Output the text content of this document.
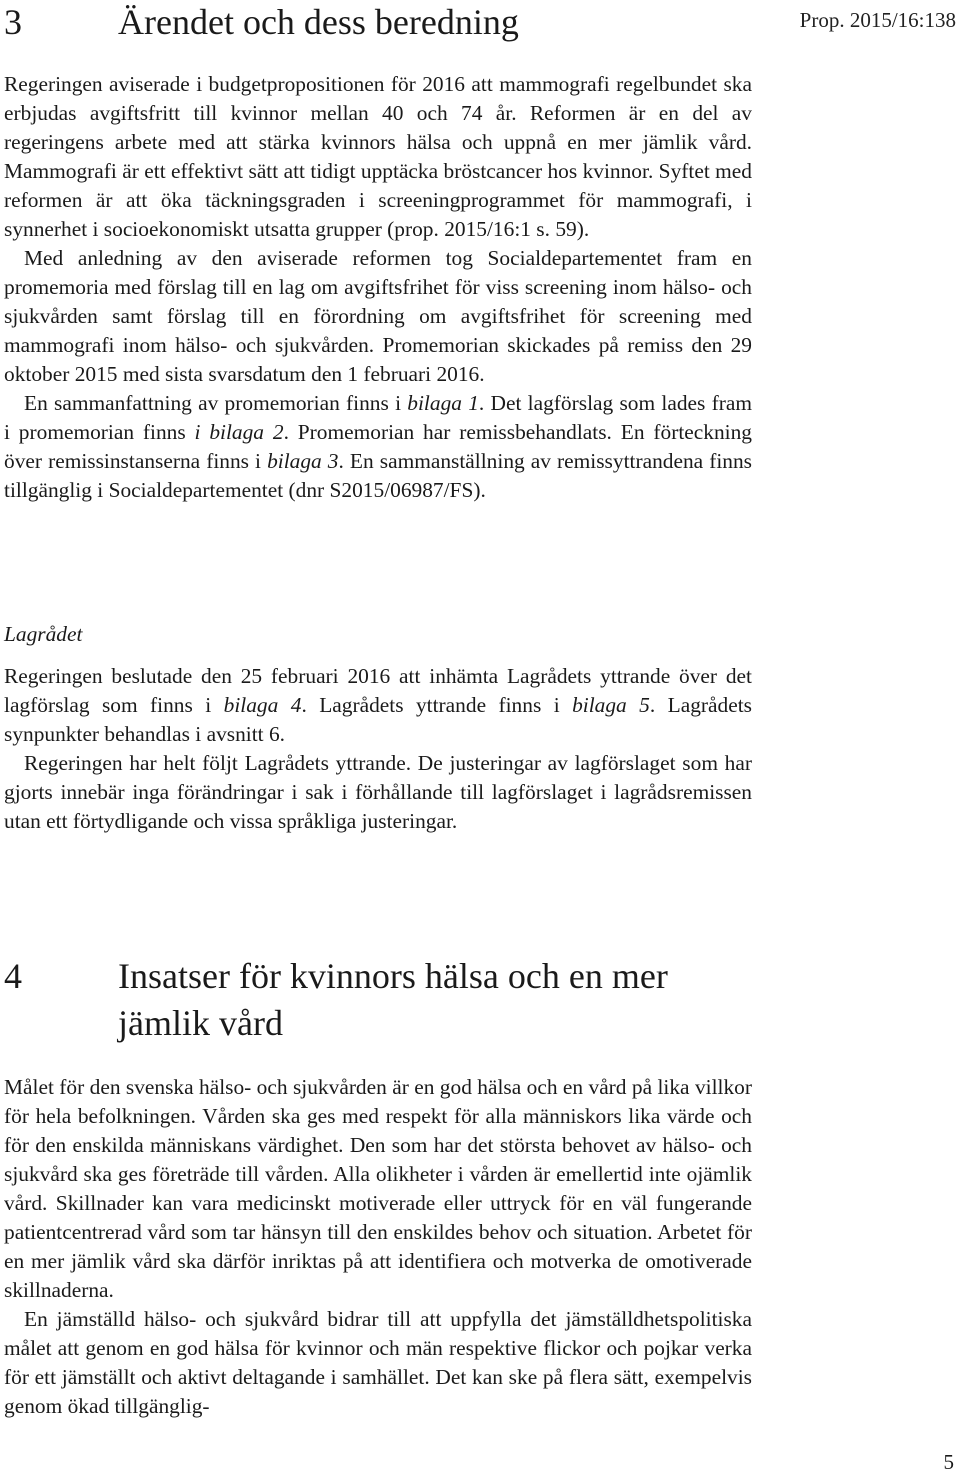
Prop. 2015/16:138
3	Ärendet och dess beredning

Regeringen aviserade i budgetpropositionen för 2016 att mammografi regelbundet ska erbjudas avgiftsfritt till kvinnor mellan 40 och 74 år. Reformen är en del av regeringens arbete med att stärka kvinnors hälsa och uppnå en mer jämlik vård. Mammografi är ett effektivt sätt att tidigt upptäcka bröstcancer hos kvinnor. Syftet med reformen är att öka täckningsgraden i screeningprogrammet för mammografi, i synnerhet i socioekonomiskt utsatta grupper (prop. 2015/16:1 s. 59).

Med anledning av den aviserade reformen tog Socialdepartementet fram en promemoria med förslag till en lag om avgiftsfrihet för viss screening inom hälso- och sjukvården samt förslag till en förordning om avgiftsfrihet för screening med mammografi inom hälso- och sjukvården. Promemorian skickades på remiss den 29 oktober 2015 med sista svarsdatum den 1 februari 2016.

En sammanfattning av promemorian finns i bilaga 1. Det lagförslag som lades fram i promemorian finns i bilaga 2. Promemorian har remissbehandlats. En förteckning över remissinstanserna finns i bilaga 3. En sammanställning av remissyttrandena finns tillgänglig i Socialdepartementet (dnr S2015/06987/FS).

Lagrådet

Regeringen beslutade den 25 februari 2016 att inhämta Lagrådets yttrande över det lagförslag som finns i bilaga 4. Lagrådets yttrande finns i bilaga 5. Lagrådets synpunkter behandlas i avsnitt 6.

Regeringen har helt följt Lagrådets yttrande. De justeringar av lagförslaget som har gjorts innebär inga förändringar i sak i förhållande till lagförslaget i lagrådsremissen utan ett förtydligande och vissa språkliga justeringar.

4	Insatser för kvinnors hälsa och en mer jämlik vård

Målet för den svenska hälso- och sjukvården är en god hälsa och en vård på lika villkor för hela befolkningen. Vården ska ges med respekt för alla människors lika värde och för den enskilda människans värdighet. Den som har det största behovet av hälso- och sjukvård ska ges företräde till vården. Alla olikheter i vården är emellertid inte ojämlik vård. Skillnader kan vara medicinskt motiverade eller uttryck för en väl fungerande patientcentrerad vård som tar hänsyn till den enskildes behov och situation. Arbetet för en mer jämlik vård ska därför inriktas på att identifiera och motverka de omotiverade skillnaderna.

En jämställd hälso- och sjukvård bidrar till att uppfylla det jämställdhetspolitiska målet att genom en god hälsa för kvinnor och män respektive flickor och pojkar verka för ett jämställt och aktivt deltagande i samhället. Det kan ske på flera sätt, exempelvis genom ökad tillgänglig-

5
